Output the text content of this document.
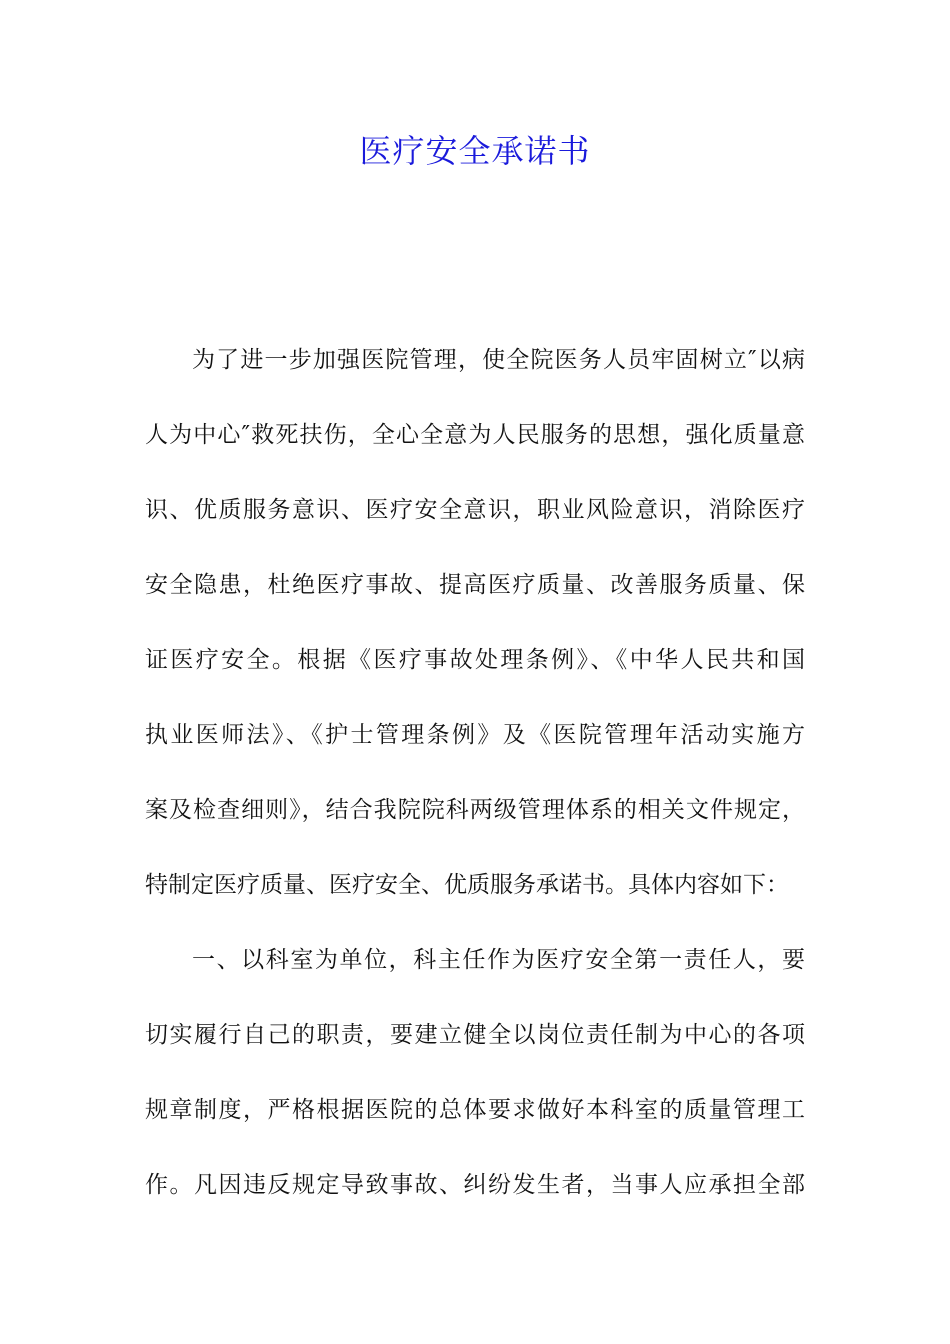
医疗安全承诺书

为了进一步加强医院管理，使全院医务人员牢固树立″以病

人为中心″救死扶伤，全心全意为人民服务的思想，强化质量意

识、优质服务意识、医疗安全意识，职业风险意识，消除医疗

安全隐患，杜绝医疗事故、提高医疗质量、改善服务质量、保

证医疗安全。根据《医疗事故处理条例》、《中华人民共和国

执业医师法》、《护士管理条例》及《医院管理年活动实施方

案及检查细则》，结合我院院科两级管理体系的相关文件规定，

特制定医疗质量、医疗安全、优质服务承诺书。具体内容如下：

一、以科室为单位，科主任作为医疗安全第一责任人，要

切实履行自己的职责，要建立健全以岗位责任制为中心的各项

规章制度，严格根据医院的总体要求做好本科室的质量管理工

作。凡因违反规定导致事故、纠纷发生者，当事人应承担全部
